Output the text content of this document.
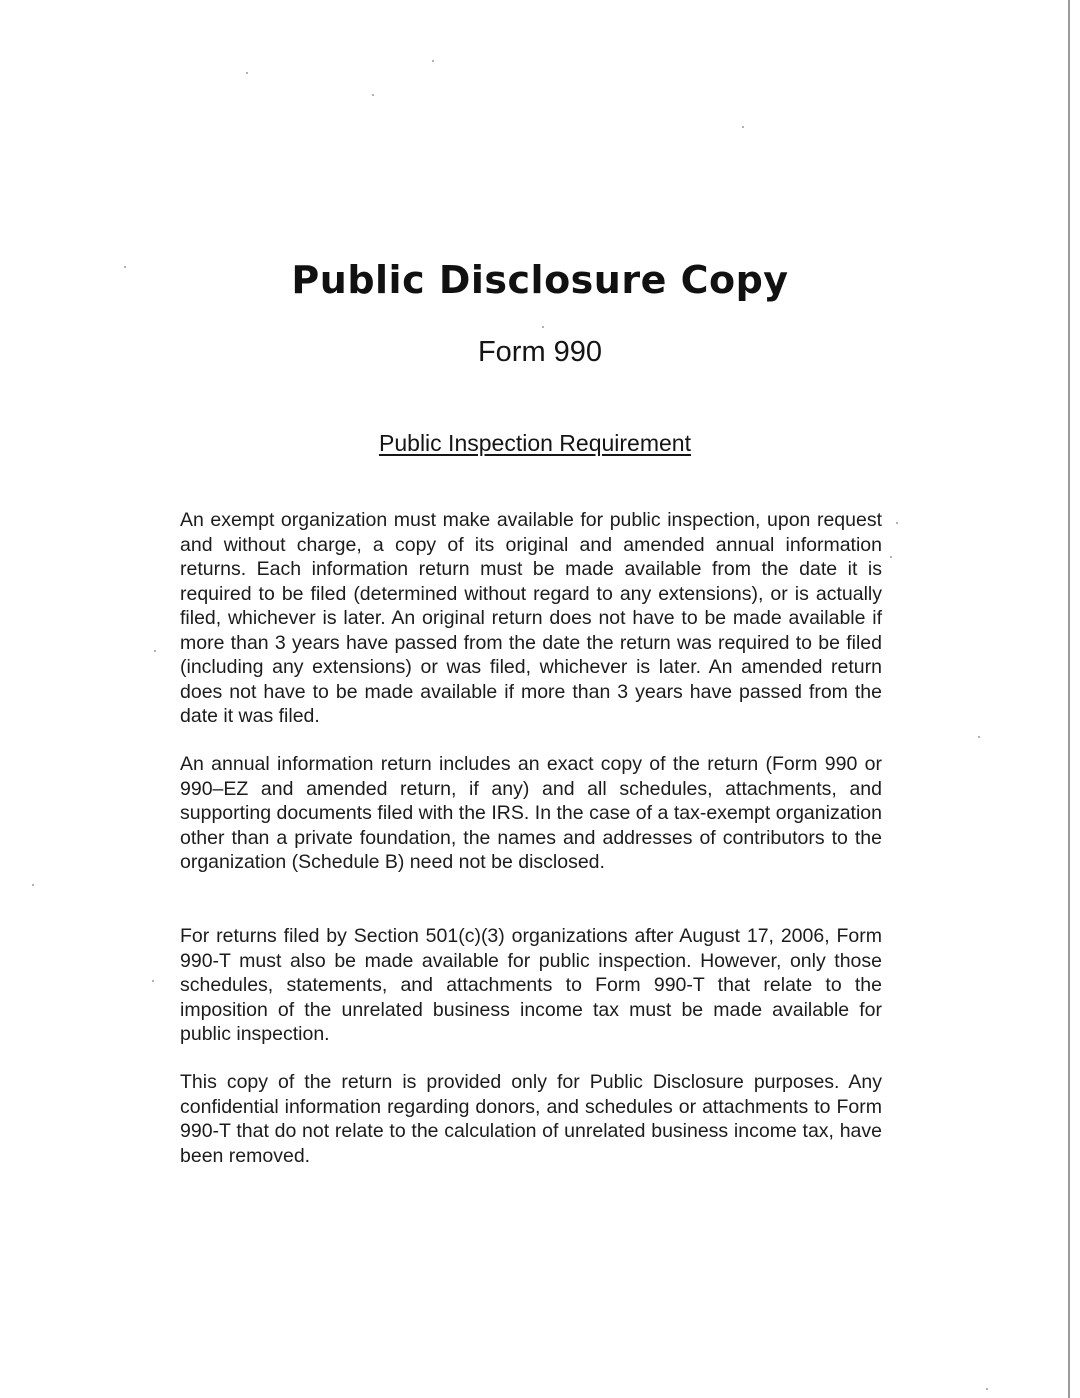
Public Disclosure Copy
Form 990
Public Inspection Requirement

An exempt organization must make available for public inspection, upon request and without charge, a copy of its original and amended annual information returns. Each information return must be made available from the date it is required to be filed (determined without regard to any extensions), or is actually filed, whichever is later. An original return does not have to be made available if more than 3 years have passed from the date the return was required to be filed (including any extensions) or was filed, whichever is later. An amended return does not have to be made available if more than 3 years have passed from the date it was filed.

An annual information return includes an exact copy of the return (Form 990 or 990–EZ and amended return, if any) and all schedules, attachments, and supporting documents filed with the IRS. In the case of a tax-exempt organization other than a private foundation, the names and addresses of contributors to the organization (Schedule B) need not be disclosed.

For returns filed by Section 501(c)(3) organizations after August 17, 2006, Form 990-T must also be made available for public inspection. However, only those schedules, statements, and attachments to Form 990-T that relate to the imposition of the unrelated business income tax must be made available for public inspection.

This copy of the return is provided only for Public Disclosure purposes. Any confidential information regarding donors, and schedules or attachments to Form 990-T that do not relate to the calculation of unrelated business income tax, have been removed.
